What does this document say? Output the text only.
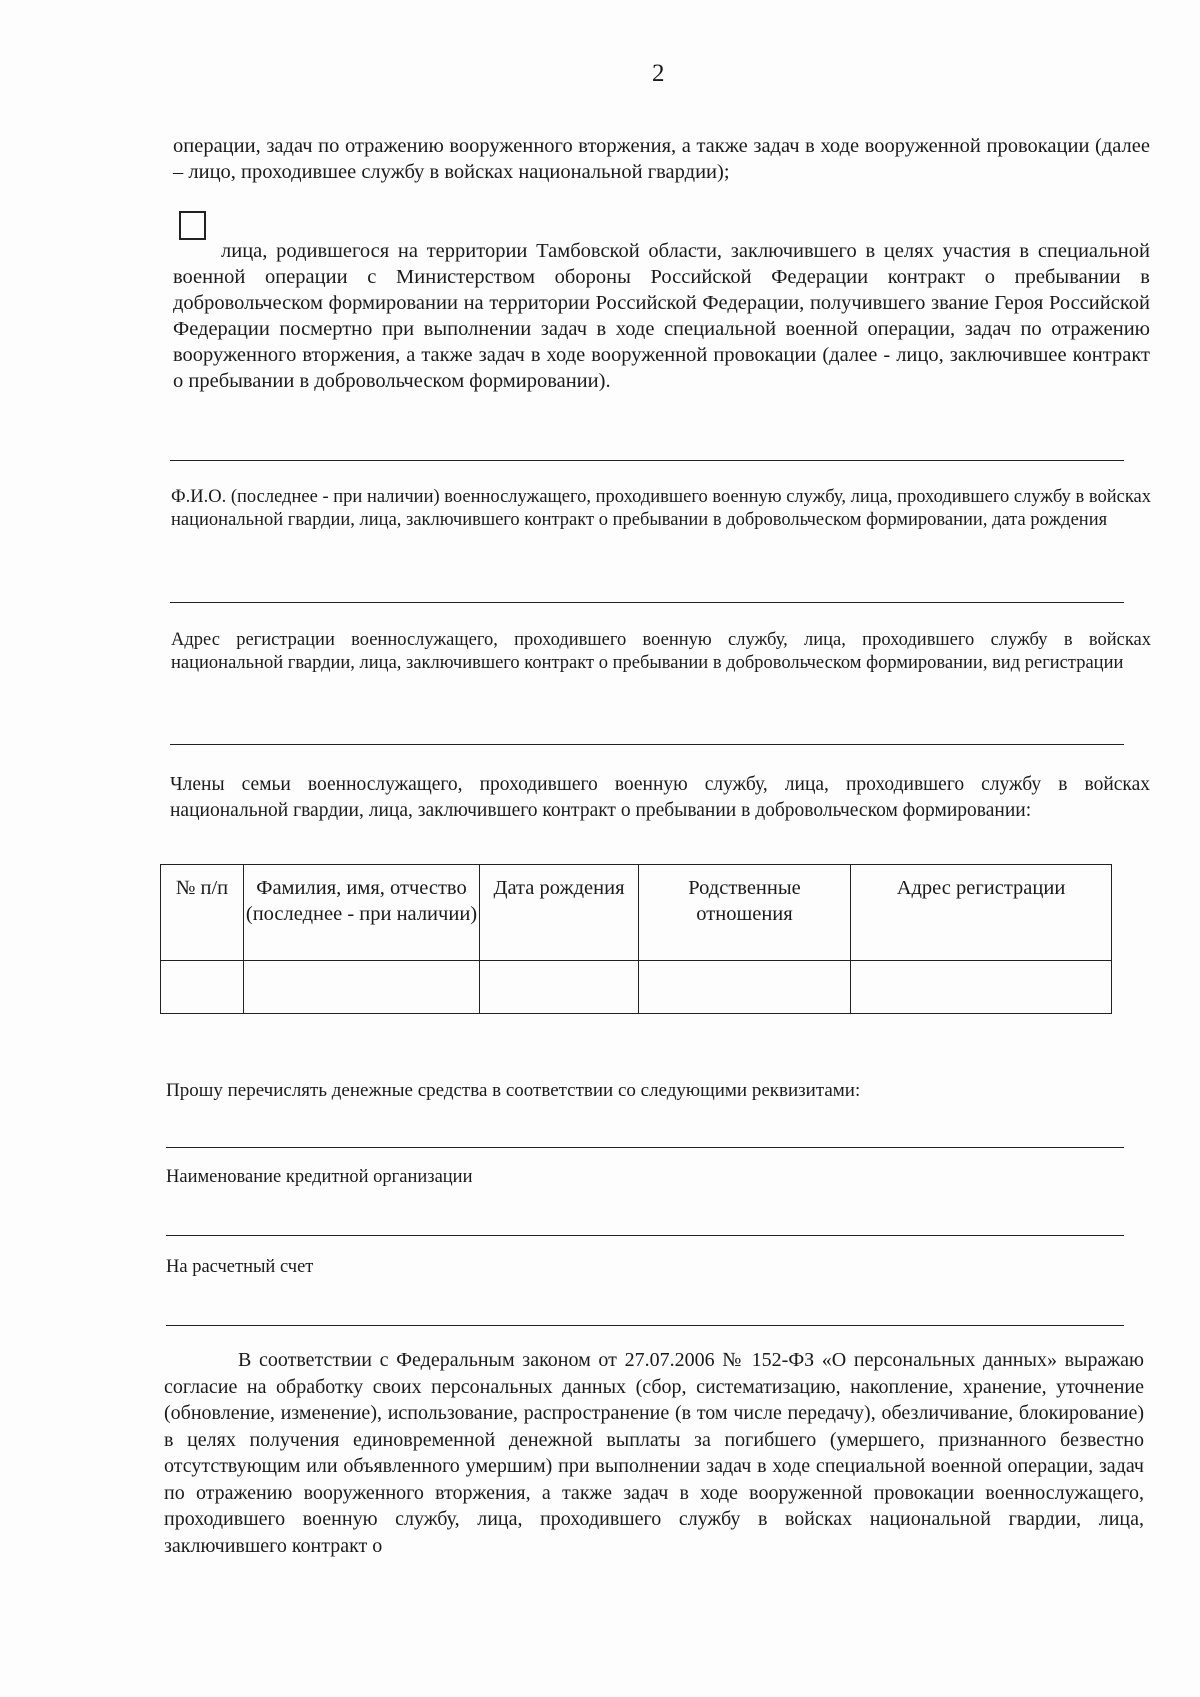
2

операции, задач по отражению вооруженного вторжения, а также задач в ходе вооруженной провокации (далее – лицо, проходившее службу в войсках национальной гвардии);

лица, родившегося на территории Тамбовской области, заключившего в целях участия в специальной военной операции с Министерством обороны Российской Федерации контракт о пребывании в добровольческом формировании на территории Российской Федерации, получившего звание Героя Российской Федерации посмертно при выполнении задач в ходе специальной военной операции, задач по отражению вооруженного вторжения, а также задач в ходе вооруженной провокации (далее - лицо, заключившее контракт о пребывании в добровольческом формировании).

Ф.И.О. (последнее - при наличии) военнослужащего, проходившего военную службу, лица, проходившего службу в войсках национальной гвардии, лица, заключившего контракт о пребывании в добровольческом формировании, дата рождения

Адрес регистрации военнослужащего, проходившего военную службу, лица, проходившего службу в войсках национальной гвардии, лица, заключившего контракт о пребывании в добровольческом формировании, вид регистрации

Члены семьи военнослужащего, проходившего военную службу, лица, проходившего службу в войсках национальной гвардии, лица, заключившего контракт о пребывании в добровольческом формировании:

№ п/п	Фамилия, имя, отчество (последнее - при наличии)	Дата рождения	Родственные отношения	Адрес регистрации

Прошу перечислять денежные средства в соответствии со следующими реквизитами:

Наименование кредитной организации

На расчетный счет

В соответствии с Федеральным законом от 27.07.2006 № 152-ФЗ «О персональных данных» выражаю согласие на обработку своих персональных данных (сбор, систематизацию, накопление, хранение, уточнение (обновление, изменение), использование, распространение (в том числе передачу), обезличивание, блокирование) в целях получения единовременной денежной выплаты за погибшего (умершего, признанного безвестно отсутствующим или объявленного умершим) при выполнении задач в ходе специальной военной операции, задач по отражению вооруженного вторжения, а также задач в ходе вооруженной провокации военнослужащего, проходившего военную службу, лица, проходившего службу в войсках национальной гвардии, лица, заключившего контракт о
